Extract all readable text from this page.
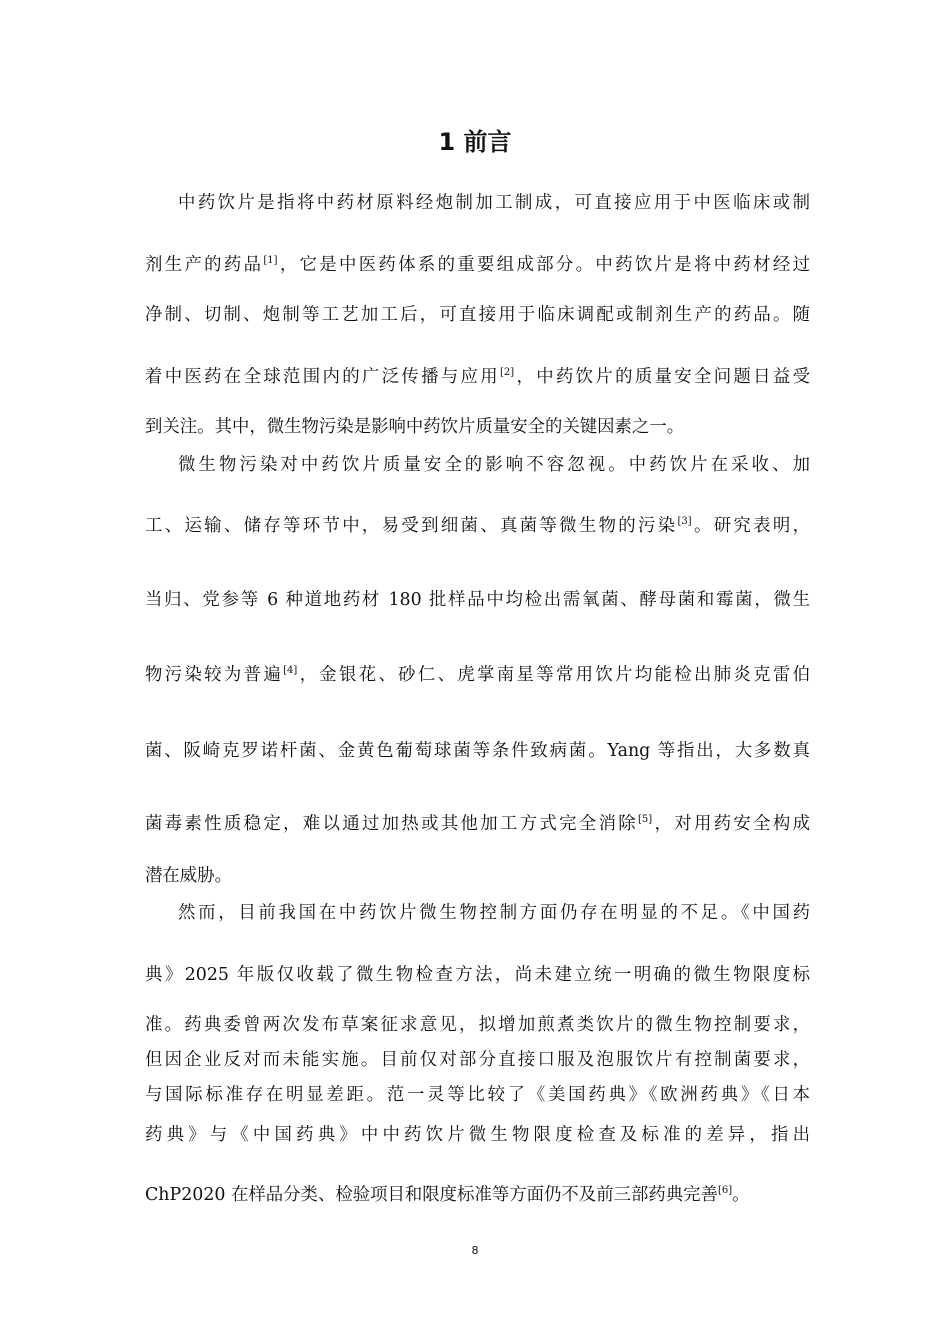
1 前言
中药饮片是指将中药材原料经炮制加工制成，可直接应用于中医临床或制
剂生产的药品[1]，它是中医药体系的重要组成部分。中药饮片是将中药材经过
净制、切制、炮制等工艺加工后，可直接用于临床调配或制剂生产的药品。随
着中医药在全球范围内的广泛传播与应用[2]，中药饮片的质量安全问题日益受
到关注。其中，微生物污染是影响中药饮片质量安全的关键因素之一。
微生物污染对中药饮片质量安全的影响不容忽视。中药饮片在采收、加
工、运输、储存等环节中，易受到细菌、真菌等微生物的污染[3]。研究表明，
当归、党参等 6 种道地药材 180 批样品中均检出需氧菌、酵母菌和霉菌，微生
物污染较为普遍[4]，金银花、砂仁、虎掌南星等常用饮片均能检出肺炎克雷伯
菌、阪崎克罗诺杆菌、金黄色葡萄球菌等条件致病菌。Yang 等指出，大多数真
菌毒素性质稳定，难以通过加热或其他加工方式完全消除[5]，对用药安全构成
潜在威胁。
然而，目前我国在中药饮片微生物控制方面仍存在明显的不足。《中国药
典》2025 年版仅收载了微生物检查方法，尚未建立统一明确的微生物限度标
准。药典委曾两次发布草案征求意见，拟增加煎煮类饮片的微生物控制要求，
但因企业反对而未能实施。目前仅对部分直接口服及泡服饮片有控制菌要求，
与国际标准存在明显差距。范一灵等比较了《美国药典》《欧洲药典》《日本
药典》与《中国药典》中中药饮片微生物限度检查及标准的差异，指出
ChP2020 在样品分类、检验项目和限度标准等方面仍不及前三部药典完善[6]。
8
